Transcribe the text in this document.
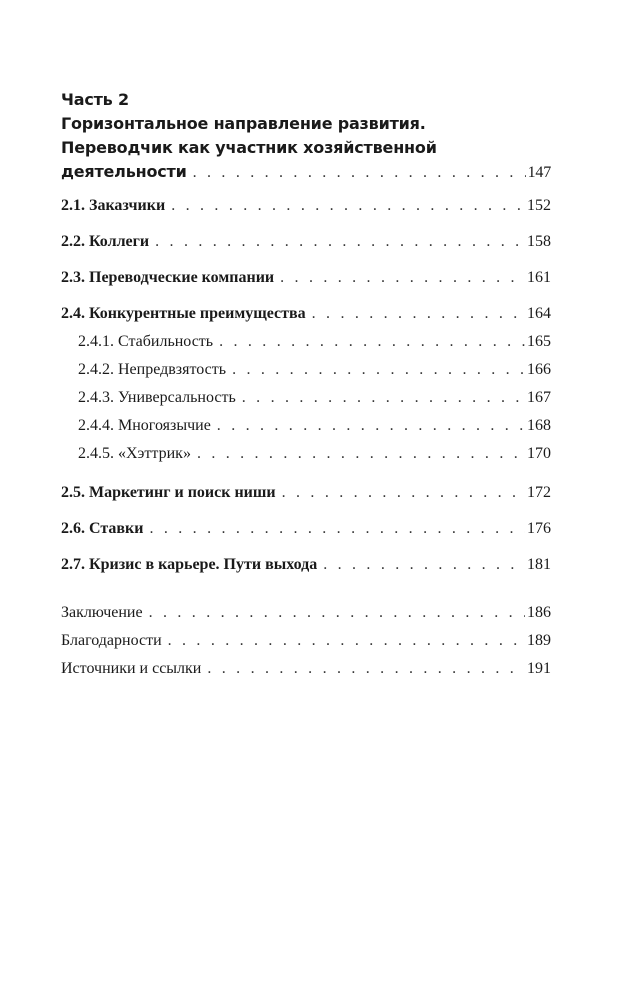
Часть 2
Горизонтальное направление развития.
Переводчик как участник хозяйственной
деятельности . . .	147
2.1. Заказчики . . .	152
2.2. Коллеги . . .	158
2.3. Переводческие компании . . .	161
2.4. Конкурентные преимущества . . .	164
2.4.1. Стабильность . . .	165
2.4.2. Непредвзятость . . .	166
2.4.3. Универсальность . . .	167
2.4.4. Многоязычие . . .	168
2.4.5. «Хэттрик» . . .	170
2.5. Маркетинг и поиск ниши . . .	172
2.6. Ставки . . .	176
2.7. Кризис в карьере. Пути выхода . . .	181
Заключение . . .	186
Благодарности . . .	189
Источники и ссылки . . .	191
